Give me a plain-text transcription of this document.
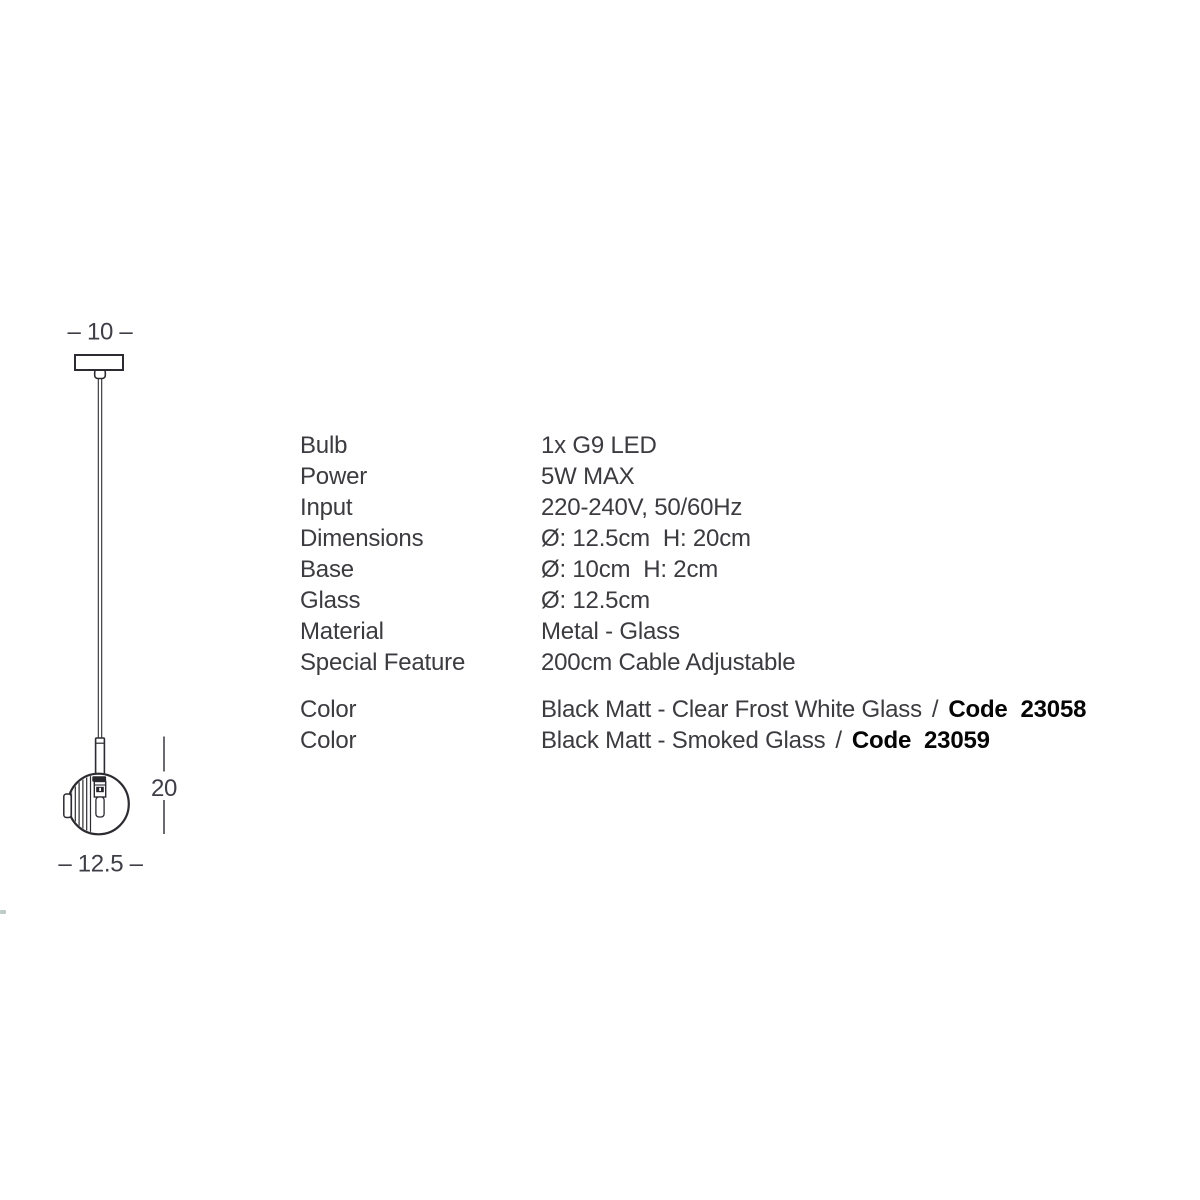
– 10 –
20
– 12.5 –
Bulb	1x G9 LED
Power	5W MAX
Input	220-240V, 50/60Hz
Dimensions	Ø: 12.5cm  H: 20cm
Base	Ø: 10cm  H: 2cm
Glass	Ø: 12.5cm
Material	Metal - Glass
Special Feature	200cm Cable Adjustable
Color	Black Matt - Clear Frost White Glass / Code  23058
Color	Black Matt - Smoked Glass / Code  23059
